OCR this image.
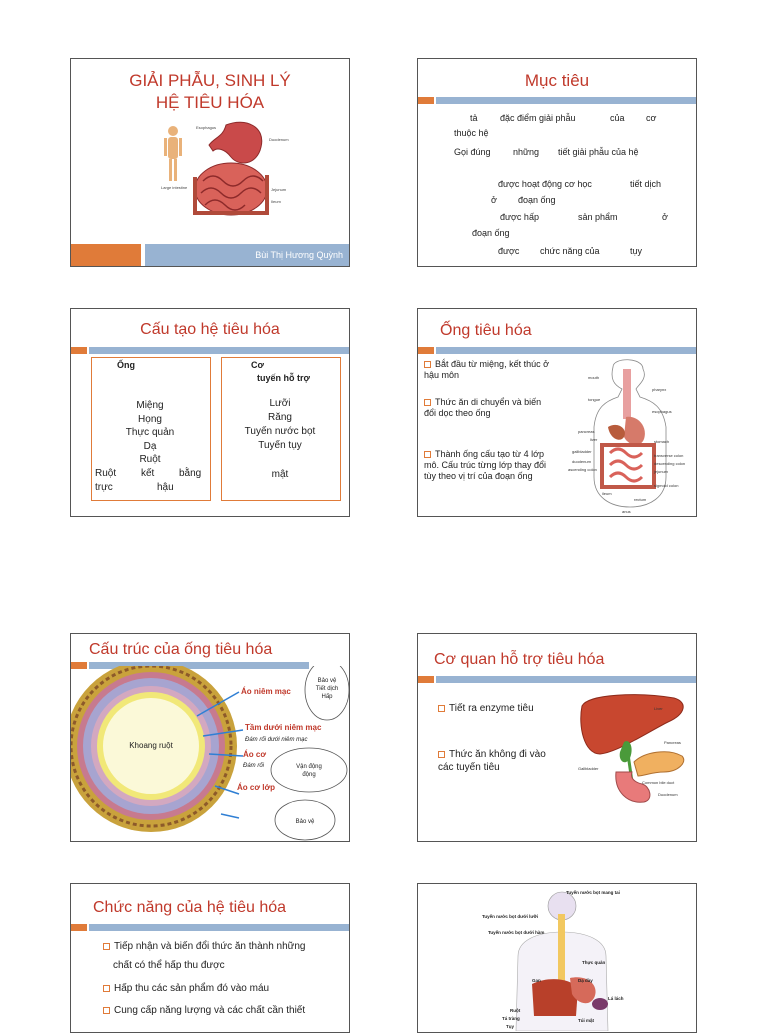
GIẢI PHẪU, SINH LÝ
HỆ TIÊU HÓA
Duodenum
Jejunum
Ileum
Large intestine
Esophagus
Bùi Thị Hương Quỳnh
Mục tiêu
tả đặc điểm giải phẫu	của cơ
thuộc hệ
Gọi đúng những tiết giải phẫu của hệ
được hoạt động cơ học	tiết dịch
ở đoạn ống
được hấp	sản phẩm	ở
đoạn ống
được chức năng của	tụy
Cấu tạo hệ tiêu hóa
Ống	Cơ
tuyến hỗ trợ
Miệng
Họng
Thực quản
Dạ
Ruột
Ruột kết bằng
trực	hậu
Lưỡi
Răng
Tuyến nước bọt
Tuyến tụy
mật
Ống tiêu hóa
Bắt đầu từ miệng, kết thúc ở hậu môn
Thức ăn di chuyển và biến đổi dọc theo ống
Thành ống cấu tạo từ 4 lớp mô. Cấu trúc từng lớp thay đổi tùy theo vị trí của đoạn ống
mouth
pharynx
tongue
esophagus
pancreas
liver	stomach
gallbladder
transverse colon
duodenum	descending colon
ascending colon	jejunum
ileum
sigmoid colon
rectum
anus
Cấu trúc của ống tiêu hóa
Khoang ruột
Áo niêm mạc
Tầm dưới niêm mạc
Đám rối dưới niêm mạc
Áo cơ
Đám rối
Áo cơ lớp
Bảo vệ
Tiết dịch
Hấp
Vận động
động
Bảo vệ
Cơ quan hỗ trợ tiêu hóa
Tiết ra enzyme tiêu
Thức ăn không đi vào các tuyến tiêu
Liver
Gallbladder
Pancreas
Common bile duct
Duodenum
Chức năng của hệ tiêu hóa
Tiếp nhận và biến đổi thức ăn thành những
chất có thể hấp thu được
Hấp thu các sản phẩm đó vào máu
Cung cấp năng lượng và các chất cần thiết
Tuyến nước bọt mang tai
Tuyến nước bọt dưới lưỡi
Tuyến nước bọt dưới hàm
Thực quản
Gan	Dạ dày
Lá lách
Ruột
Túi mật
Tá tràng
Tụy
